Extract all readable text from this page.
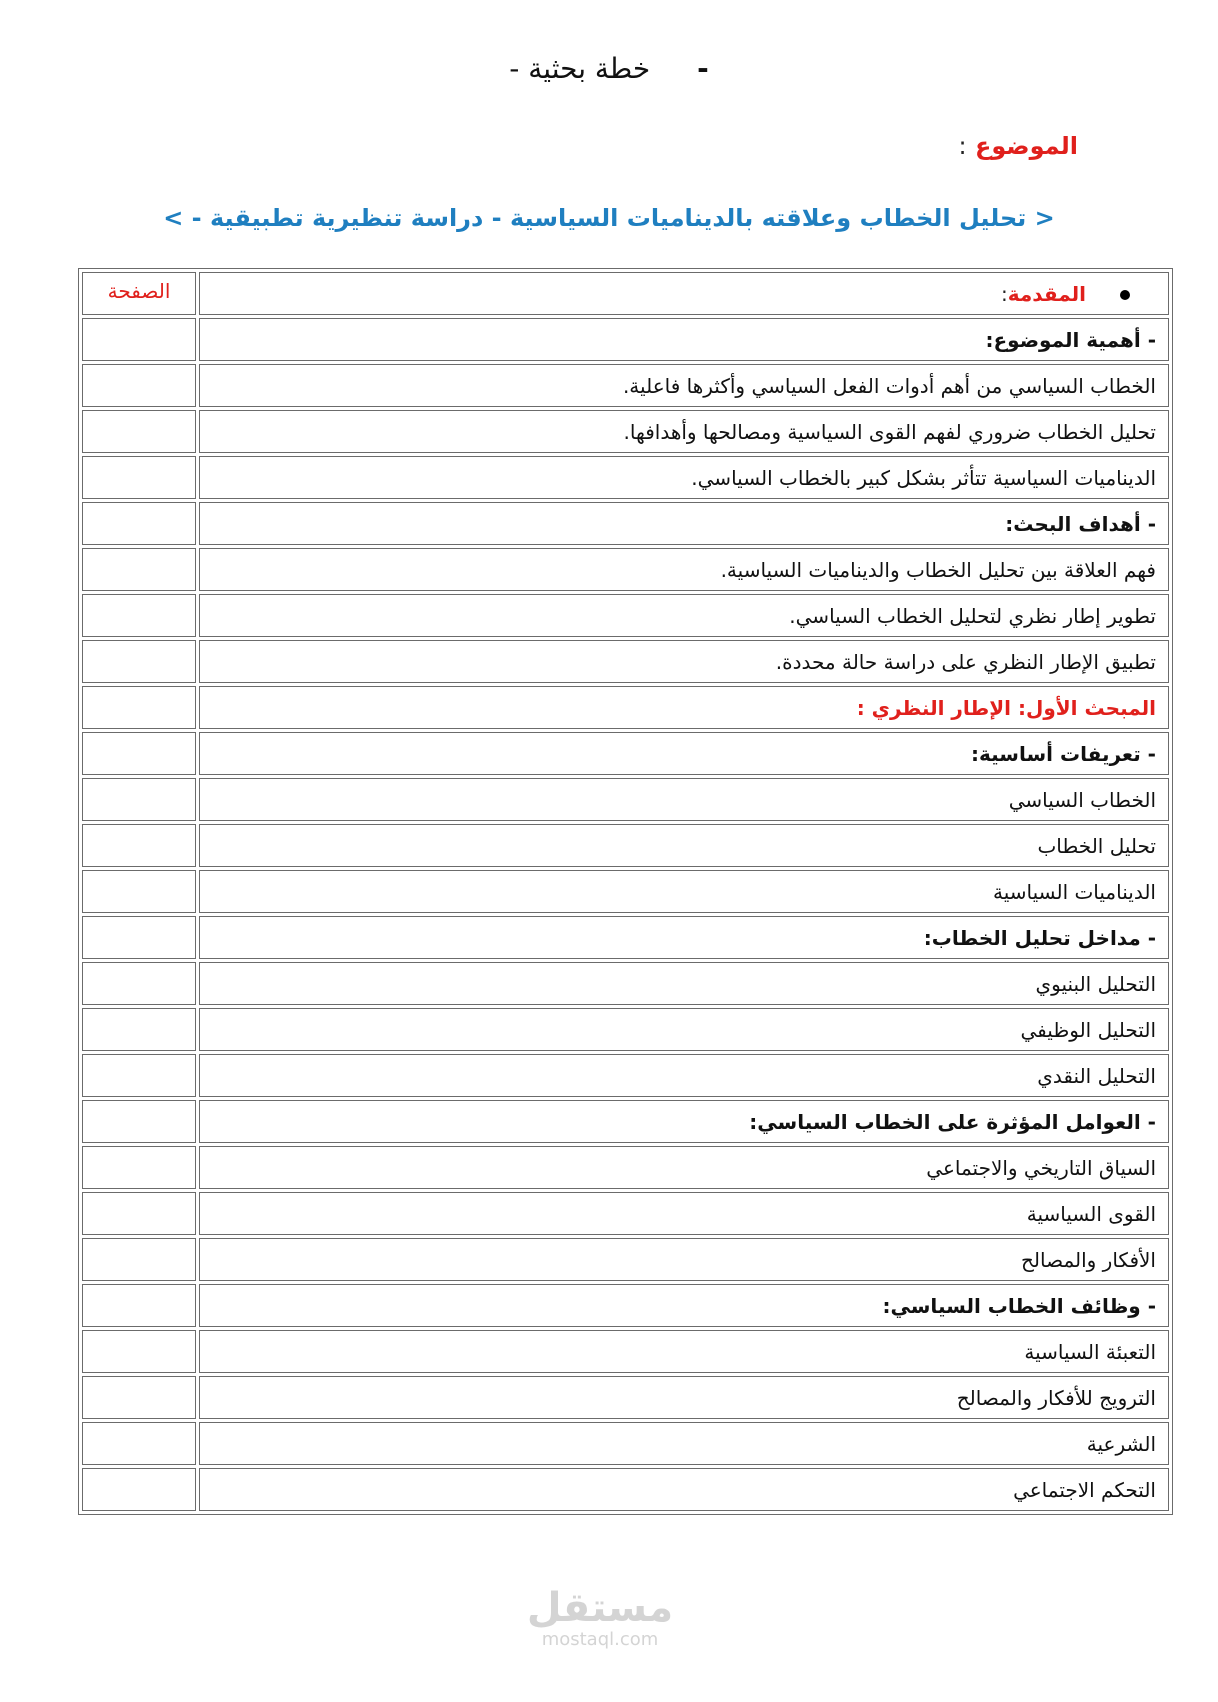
- خطة بحثية -
الموضوع :
< تحليل الخطاب وعلاقته بالديناميات السياسية - دراسة تنظيرية تطبيقية - >
المقدمة:	الصفحة
- أهمية الموضوع:	
الخطاب السياسي من أهم أدوات الفعل السياسي وأكثرها فاعلية.	
تحليل الخطاب ضروري لفهم القوى السياسية ومصالحها وأهدافها.	
الديناميات السياسية تتأثر بشكل كبير بالخطاب السياسي.	
- أهداف البحث:	
فهم العلاقة بين تحليل الخطاب والديناميات السياسية.	
تطوير إطار نظري لتحليل الخطاب السياسي.	
تطبيق الإطار النظري على دراسة حالة محددة.	
المبحث الأول: الإطار النظري :	
- تعريفات أساسية:	
الخطاب السياسي	
تحليل الخطاب	
الديناميات السياسية	
- مداخل تحليل الخطاب:	
التحليل البنيوي	
التحليل الوظيفي	
التحليل النقدي	
- العوامل المؤثرة على الخطاب السياسي:	
السياق التاريخي والاجتماعي	
القوى السياسية	
الأفكار والمصالح	
- وظائف الخطاب السياسي:	
التعبئة السياسية	
الترويج للأفكار والمصالح	
الشرعية	
التحكم الاجتماعي	
مستقل
mostaql.com
